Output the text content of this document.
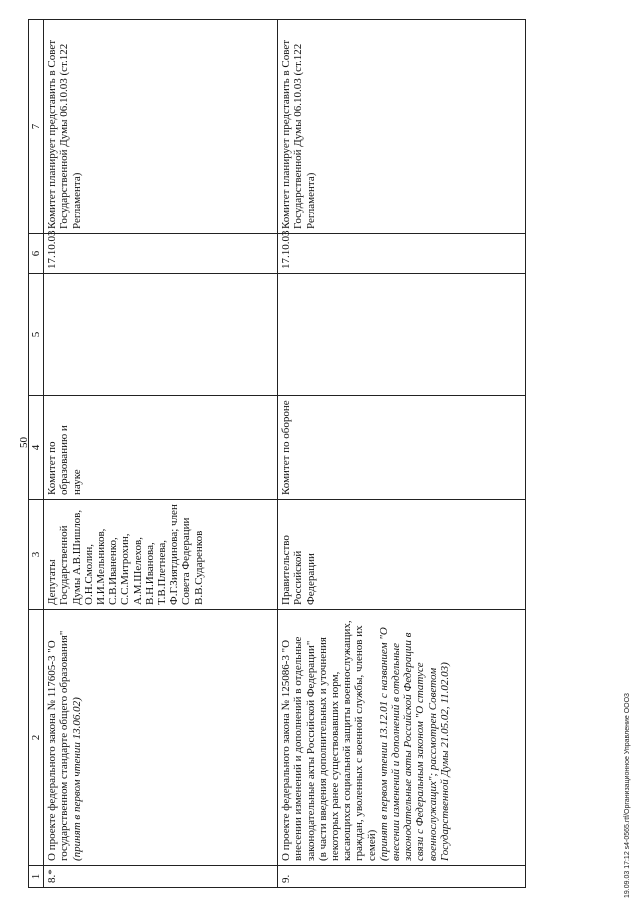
50
1	2	3	4	5	6	7
8.*	О проекте федерального закона № 117605-3 "О государственном стандарте общего образования" (принят в первом чтении 13.06.02)	Депутаты Государственной Думы А.В.Шишлов, О.Н.Смолин, И.И.Мельников, С.В.Иваненко, С.С.Митрохин, А.М.Шелехов, В.Н.Иванова, Т.В.Плетнева, Ф.Г.Зиятдинова; член Совета Федерации В.В.Сударенков	Комитет по образованию и науке		17.10.03	Комитет планирует представить в Совет Государственной Думы 06.10.03 (ст.122 Регламента)
9.	О проекте федерального закона № 125086-3 "О внесении изменений и дополнений в отдельные законодательные акты Российской Федерации" (в части введения дополнительных и уточнения некоторых ранее существовавших норм, касающихся социальной защиты военнослужащих, граждан, уволенных с военной службы, членов их семей) (принят в первом чтении 13.12.01 с названием "О внесении изменений и дополнений в отдельные законодательные акты Российской Федерации в связи с Федеральным законом "О статусе военнослужащих"; рассмотрен Советом Государственной Думы 21.05.02, 11.02.03)	Правительство Российской Федерации	Комитет по обороне		17.10.03	Комитет планирует представить в Совет Государственной Думы 06.10.03 (ст.122 Регламента)
19.09.03 17:12 s4-0565.rtf/Организационное Управление ООО3
